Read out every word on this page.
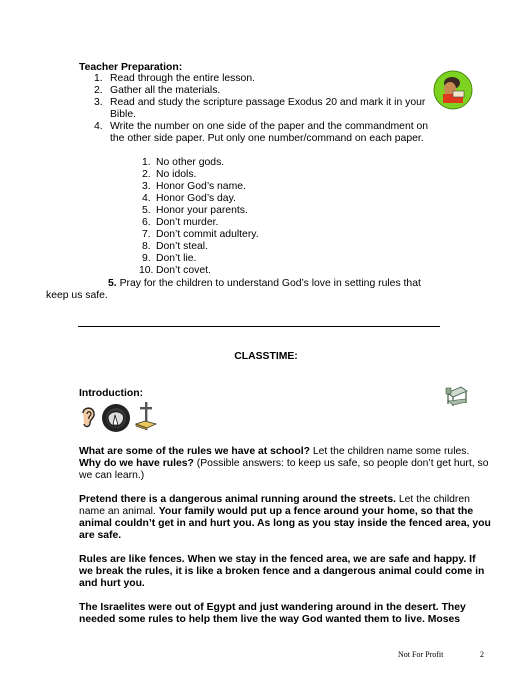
Teacher Preparation:
1. Read through the entire lesson.
2. Gather all the materials.
3. Read and study the scripture passage Exodus 20 and mark it in your Bible.
4. Write the number on one side of the paper and the commandment on the other side paper. Put only one number/command on each paper.
1. No other gods.
2. No idols.
3. Honor God’s name.
4. Honor God’s day.
5. Honor your parents.
6. Don’t murder.
7. Don’t commit adultery.
8. Don’t steal.
9. Don’t lie.
10. Don’t covet.
5. Pray for the children to understand God’s love in setting rules that keep us safe.
CLASSTIME:
Introduction:
What are some of the rules we have at school? Let the children name some rules. Why do we have rules? (Possible answers: to keep us safe, so people don’t get hurt, so we can learn.)
Pretend there is a dangerous animal running around the streets. Let the children name an animal. Your family would put up a fence around your home, so that the animal couldn’t get in and hurt you. As long as you stay inside the fenced area, you are safe.
Rules are like fences. When we stay in the fenced area, we are safe and happy. If we break the rules, it is like a broken fence and a dangerous animal could come in and hurt you.
The Israelites were out of Egypt and just wandering around in the desert. They needed some rules to help them live the way God wanted them to live. Moses
Not For Profit	2
